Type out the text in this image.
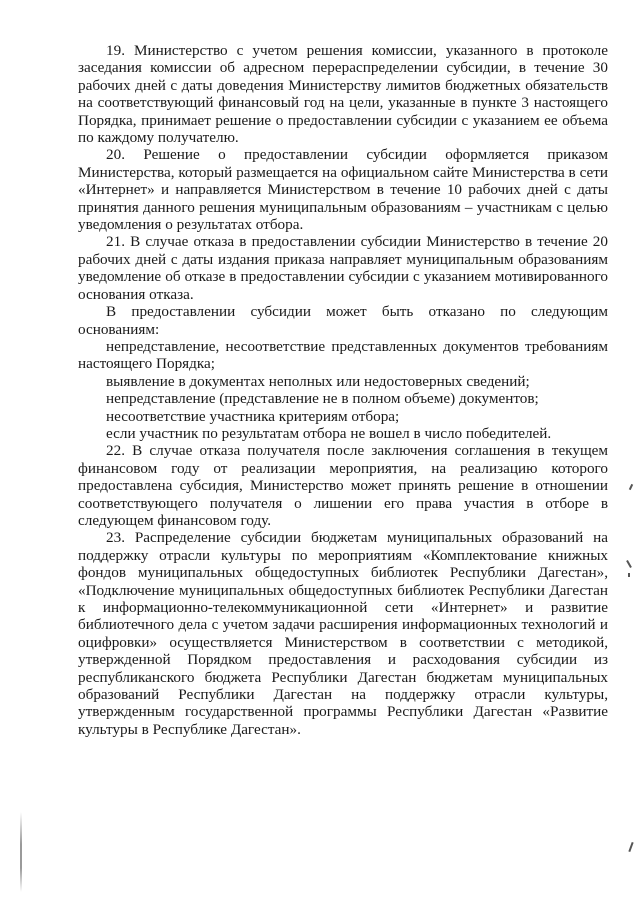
19. Министерство с учетом решения комиссии, указанного в протоколе заседания комиссии об адресном перераспределении субсидии, в течение 30 рабочих дней с даты доведения Министерству лимитов бюджетных обязательств на соответствующий финансовый год на цели, указанные в пункте 3 настоящего Порядка, принимает решение о предоставлении субсидии с указанием ее объема по каждому получателю.

20. Решение о предоставлении субсидии оформляется приказом Министерства, который размещается на официальном сайте Министерства в сети «Интернет» и направляется Министерством в течение 10 рабочих дней с даты принятия данного решения муниципальным образованиям – участникам с целью уведомления о результатах отбора.

21. В случае отказа в предоставлении субсидии Министерство в течение 20 рабочих дней с даты издания приказа направляет муниципальным образованиям уведомление об отказе в предоставлении субсидии с указанием мотивированного основания отказа.

В предоставлении субсидии может быть отказано по следующим основаниям:

непредставление, несоответствие представленных документов требованиям настоящего Порядка;

выявление в документах неполных или недостоверных сведений;

непредставление (представление не в полном объеме) документов;

несоответствие участника критериям отбора;

если участник по результатам отбора не вошел в число победителей.

22. В случае отказа получателя после заключения соглашения в текущем финансовом году от реализации мероприятия, на реализацию которого предоставлена субсидия, Министерство может принять решение в отношении соответствующего получателя о лишении его права участия в отборе в следующем финансовом году.

23. Распределение субсидии бюджетам муниципальных образований на поддержку отрасли культуры по мероприятиям «Комплектование книжных фондов муниципальных общедоступных библиотек Республики Дагестан», «Подключение муниципальных общедоступных библиотек Республики Дагестан к информационно-телекоммуникационной сети «Интернет» и развитие библиотечного дела с учетом задачи расширения информационных технологий и оцифровки» осуществляется Министерством в соответствии с методикой, утвержденной Порядком предоставления и расходования субсидии из республиканского бюджета Республики Дагестан бюджетам муниципальных образований Республики Дагестан на поддержку отрасли культуры, утвержденным государственной программы Республики Дагестан «Развитие культуры в Республике Дагестан».
